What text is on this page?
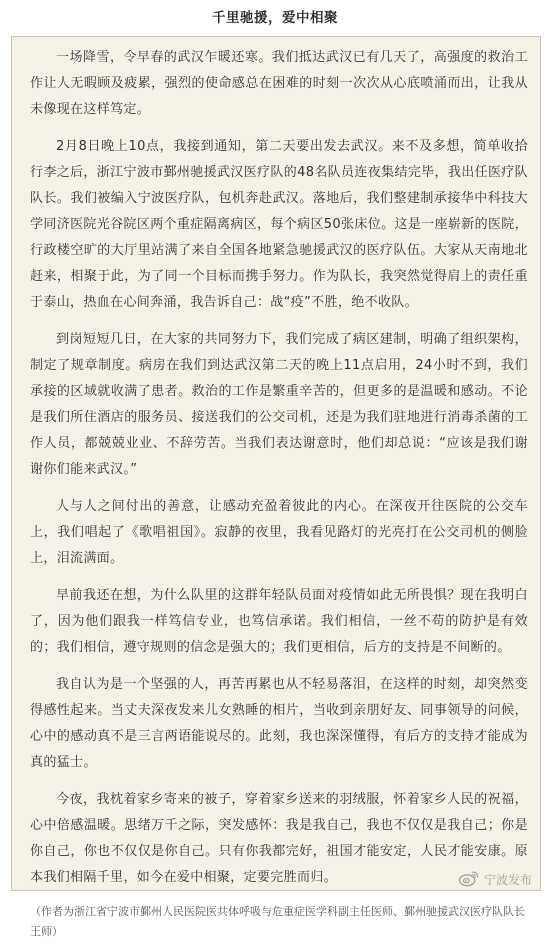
千里驰援，爱中相聚

一场降雪，令早春的武汉乍暖还寒。我们抵达武汉已有几天了，高强度的救治工作让人无暇顾及疲累，强烈的使命感总在困难的时刻一次次从心底喷涌而出，让我从未像现在这样笃定。

2月8日晚上10点，我接到通知，第二天要出发去武汉。来不及多想，简单收拾行李之后，浙江宁波市鄞州驰援武汉医疗队的48名队员连夜集结完毕，我出任医疗队队长。我们被编入宁波医疗队，包机奔赴武汉。落地后，我们整建制承接华中科技大学同济医院光谷院区两个重症隔离病区，每个病区50张床位。这是一座崭新的医院，行政楼空旷的大厅里站满了来自全国各地紧急驰援武汉的医疗队伍。大家从天南地北赶来，相聚于此，为了同一个目标而携手努力。作为队长，我突然觉得肩上的责任重于泰山，热血在心间奔涌，我告诉自己：战“疫”不胜，绝不收队。

到岗短短几日，在大家的共同努力下，我们完成了病区建制，明确了组织架构，制定了规章制度。病房在我们到达武汉第二天的晚上11点启用，24小时不到，我们承接的区域就收满了患者。救治的工作是繁重辛苦的，但更多的是温暖和感动。不论是我们所住酒店的服务员、接送我们的公交司机，还是为我们驻地进行消毒杀菌的工作人员，都兢兢业业、不辞劳苦。当我们表达谢意时，他们却总说：“应该是我们谢谢你们能来武汉。”

人与人之间付出的善意，让感动充盈着彼此的内心。在深夜开往医院的公交车上，我们唱起了《歌唱祖国》。寂静的夜里，我看见路灯的光亮打在公交司机的侧脸上，泪流满面。

早前我还在想，为什么队里的这群年轻队员面对疫情如此无所畏惧？现在我明白了，因为他们跟我一样笃信专业，也笃信承诺。我们相信，一丝不苟的防护是有效的；我们相信，遵守规则的信念是强大的；我们更相信，后方的支持是不间断的。

我自认为是一个坚强的人，再苦再累也从不轻易落泪，在这样的时刻，却突然变得感性起来。当丈夫深夜发来儿女熟睡的相片，当收到亲朋好友、同事领导的问候，心中的感动真不是三言两语能说尽的。此刻，我也深深懂得，有后方的支持才能成为真的猛士。

今夜，我枕着家乡寄来的被子，穿着家乡送来的羽绒服，怀着家乡人民的祝福，心中倍感温暖。思绪万千之际，突发感怀：我是我自己，我也不仅仅是我自己；你是你自己，你也不仅仅是你自己。只有你我都完好，祖国才能安定，人民才能安康。原本我们相隔千里，如今在爱中相聚，定要完胜而归。

（作者为浙江省宁波市鄞州人民医院医共体呼吸与危重症医学科副主任医师、鄞州驰援武汉医疗队队长王师）

宁波发布
